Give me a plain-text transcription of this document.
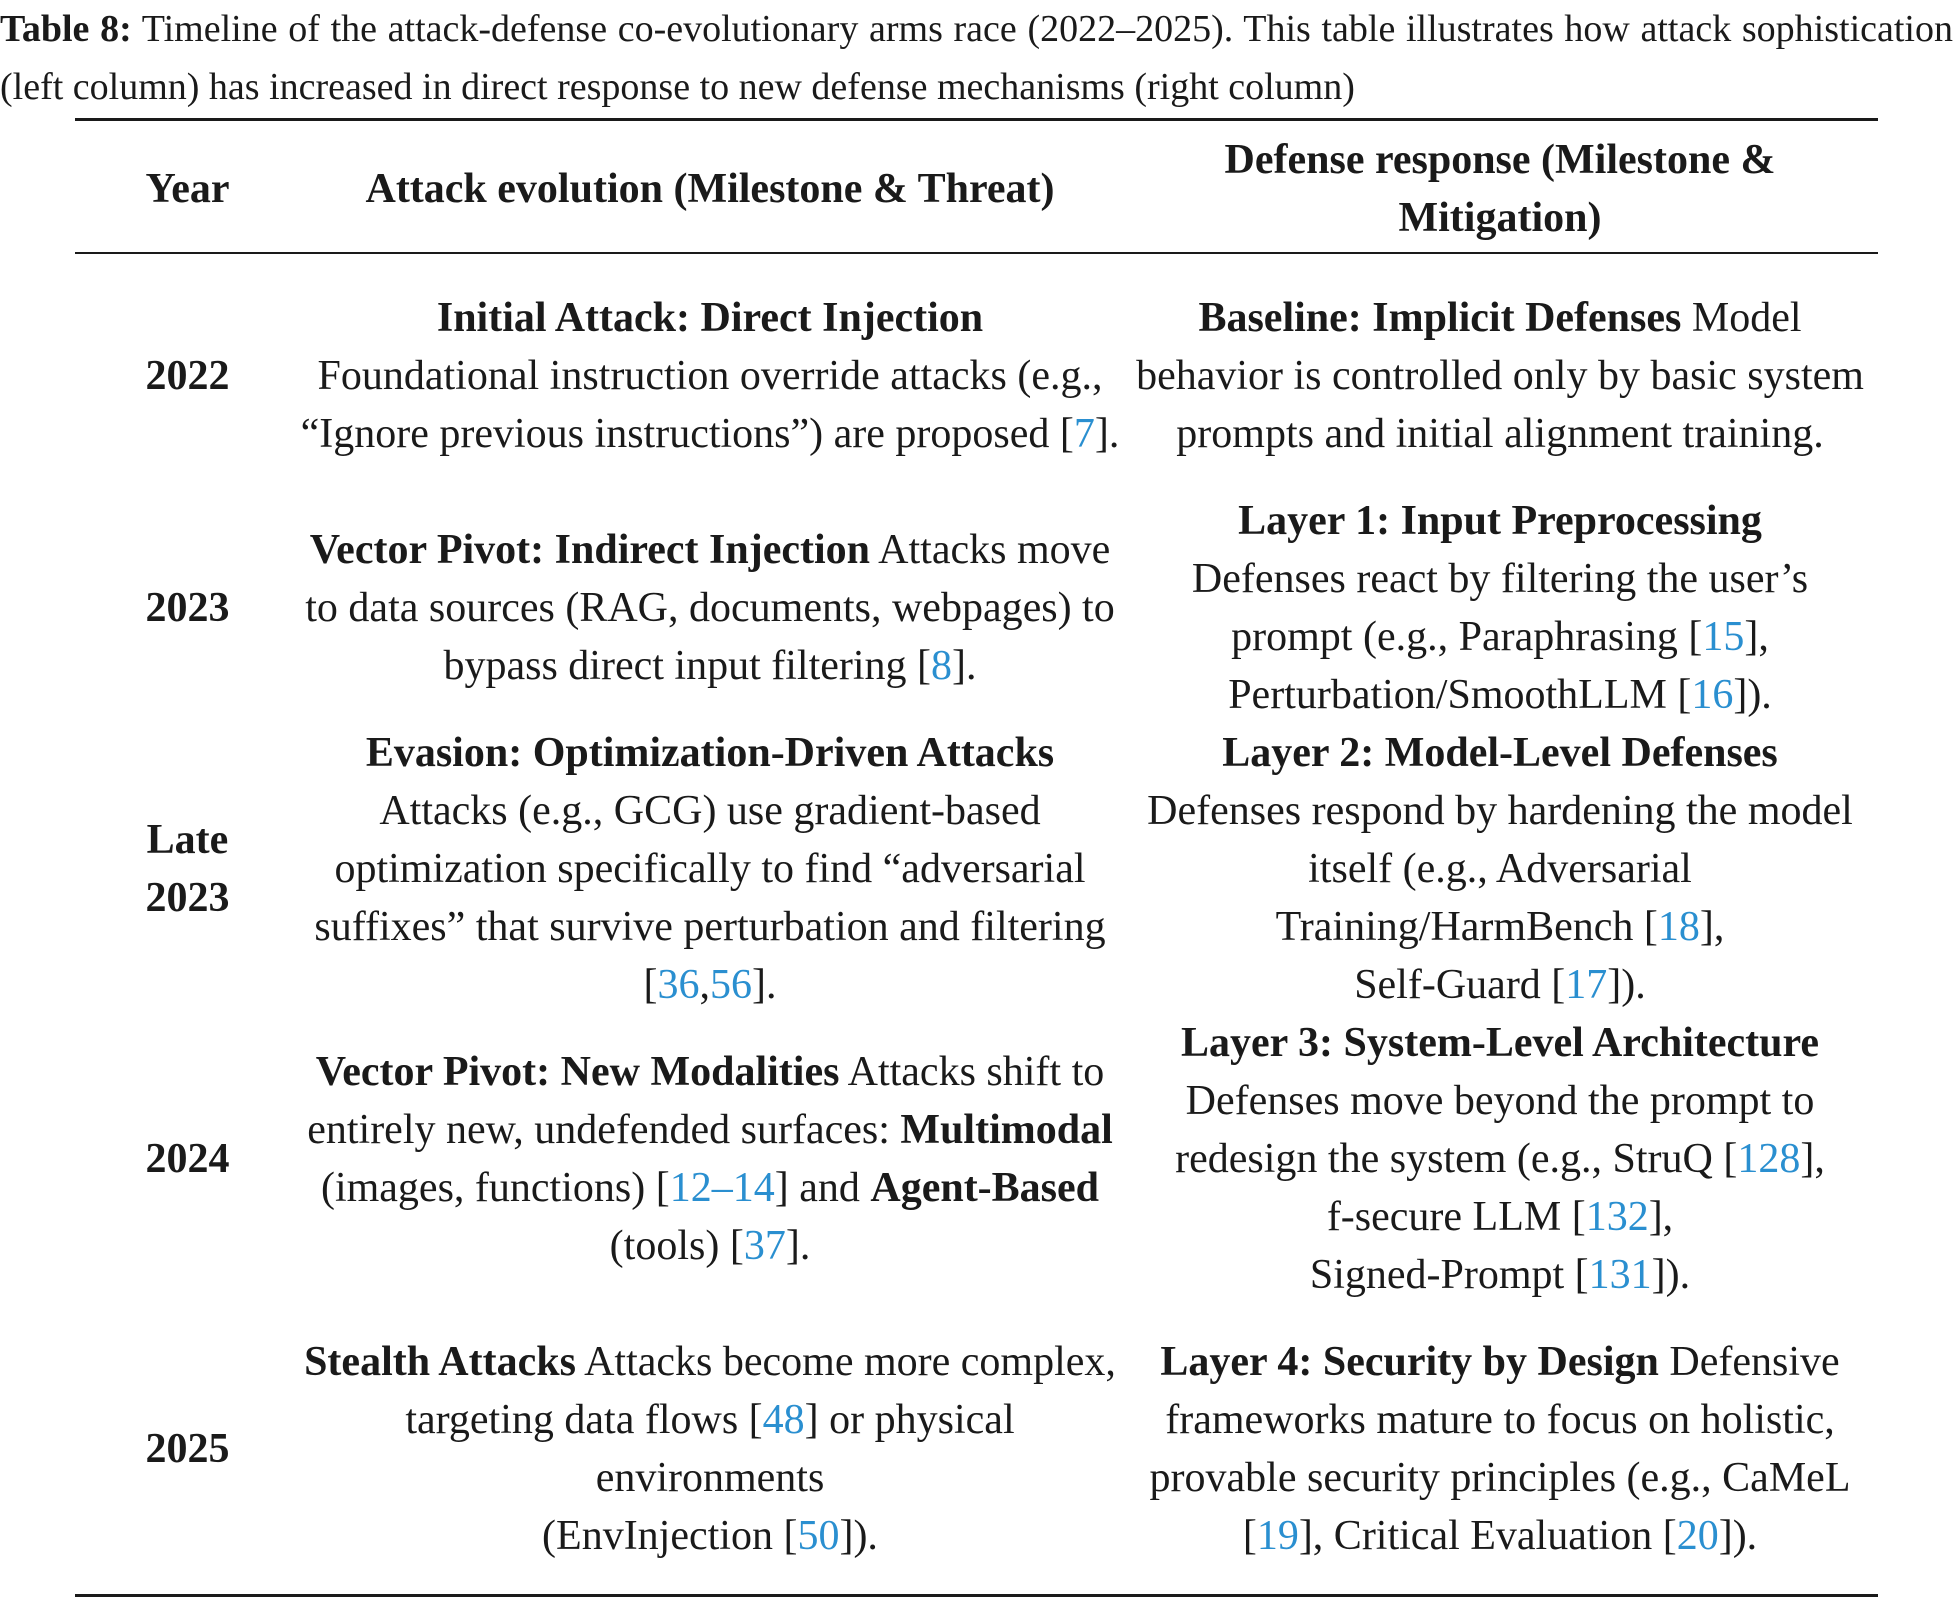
Table 8: Timeline of the attack-defense co-evolutionary arms race (2022–2025). This table illustrates how attack sophistication (left column) has increased in direct response to new defense mechanisms (right column)
Year	Attack evolution (Milestone & Threat)
Defense response (Milestone &
Mitigation)
2022
Initial Attack: Direct Injection
Foundational instruction override attacks (e.g., “Ignore previous instructions”) are proposed [7].
Baseline: Implicit Defenses Model behavior is controlled only by basic system prompts and initial alignment training.
2023
Vector Pivot: Indirect Injection Attacks move to data sources (RAG, documents, webpages) to bypass direct input filtering [8].
Layer 1: Input Preprocessing
Defenses react by filtering the user’s prompt (e.g., Paraphrasing [15], Perturbation/SmoothLLM [16]).
Late
2023
Evasion: Optimization-Driven Attacks
Attacks (e.g., GCG) use gradient-based optimization specifically to find “adversarial suffixes” that survive perturbation and filtering [36,56].
Layer 2: Model-Level Defenses
Defenses respond by hardening the model itself (e.g., Adversarial Training/HarmBench [18],
Self-Guard [17]).
2024
Vector Pivot: New Modalities Attacks shift to entirely new, undefended surfaces: Multimodal (images, functions) [12–14] and Agent-Based (tools) [37].
Layer 3: System-Level Architecture
Defenses move beyond the prompt to redesign the system (e.g., StruQ [128],
f-secure LLM [132],
Signed-Prompt [131]).
2025
Stealth Attacks Attacks become more complex, targeting data flows [48] or physical environments
(EnvInjection [50]).
Layer 4: Security by Design Defensive frameworks mature to focus on holistic, provable security principles (e.g., CaMeL [19], Critical Evaluation [20]).
